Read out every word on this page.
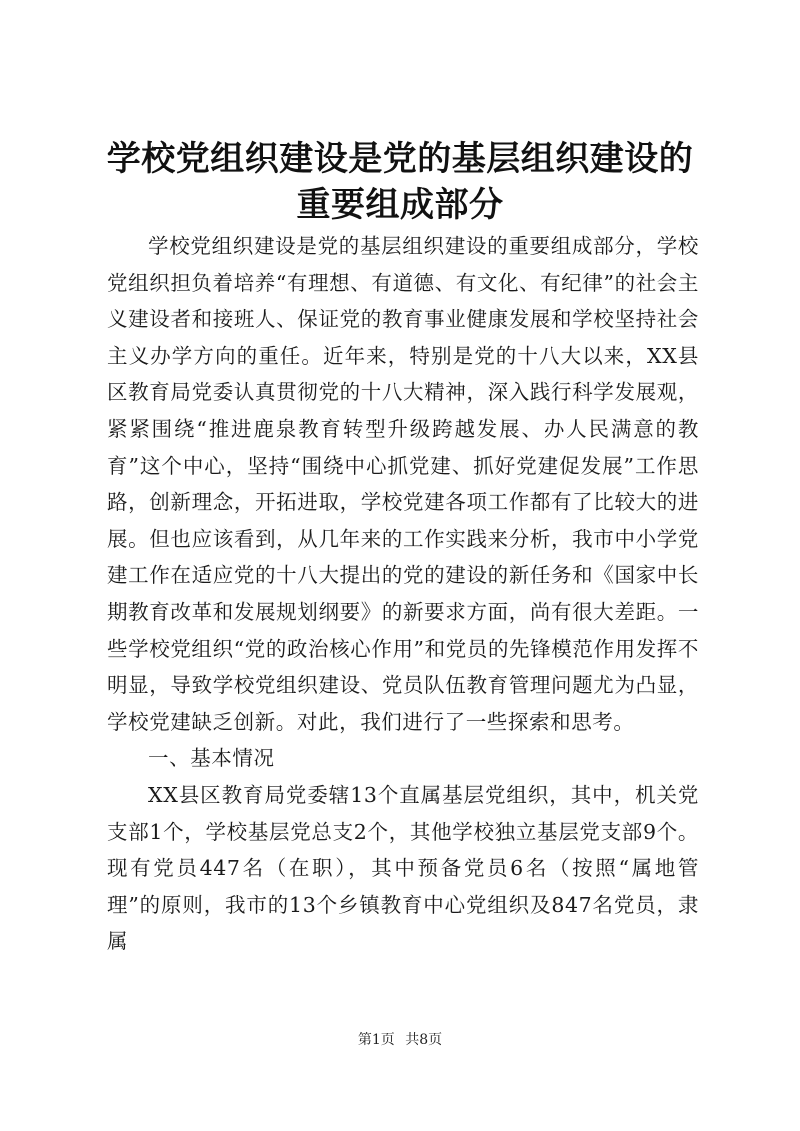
学校党组织建设是党的基层组织建设的重要组成部分

学校党组织建设是党的基层组织建设的重要组成部分，学校党组织担负着培养“有理想、有道德、有文化、有纪律”的社会主义建设者和接班人、保证党的教育事业健康发展和学校坚持社会主义办学方向的重任。近年来，特别是党的十八大以来，XX县区教育局党委认真贯彻党的十八大精神，深入践行科学发展观，紧紧围绕“推进鹿泉教育转型升级跨越发展、办人民满意的教育”这个中心，坚持“围绕中心抓党建、抓好党建促发展”工作思路，创新理念，开拓进取，学校党建各项工作都有了比较大的进展。但也应该看到，从几年来的工作实践来分析，我市中小学党建工作在适应党的十八大提出的党的建设的新任务和《国家中长期教育改革和发展规划纲要》的新要求方面，尚有很大差距。一些学校党组织“党的政治核心作用”和党员的先锋模范作用发挥不明显，导致学校党组织建设、党员队伍教育管理问题尤为凸显，学校党建缺乏创新。对此，我们进行了一些探索和思考。

一、基本情况

XX县区教育局党委辖13个直属基层党组织，其中，机关党支部1个，学校基层党总支2个，其他学校独立基层党支部9个。现有党员447名（在职），其中预备党员6名（按照“属地管理”的原则，我市的13个乡镇教育中心党组织及847名党员，隶属

第1页 共8页
